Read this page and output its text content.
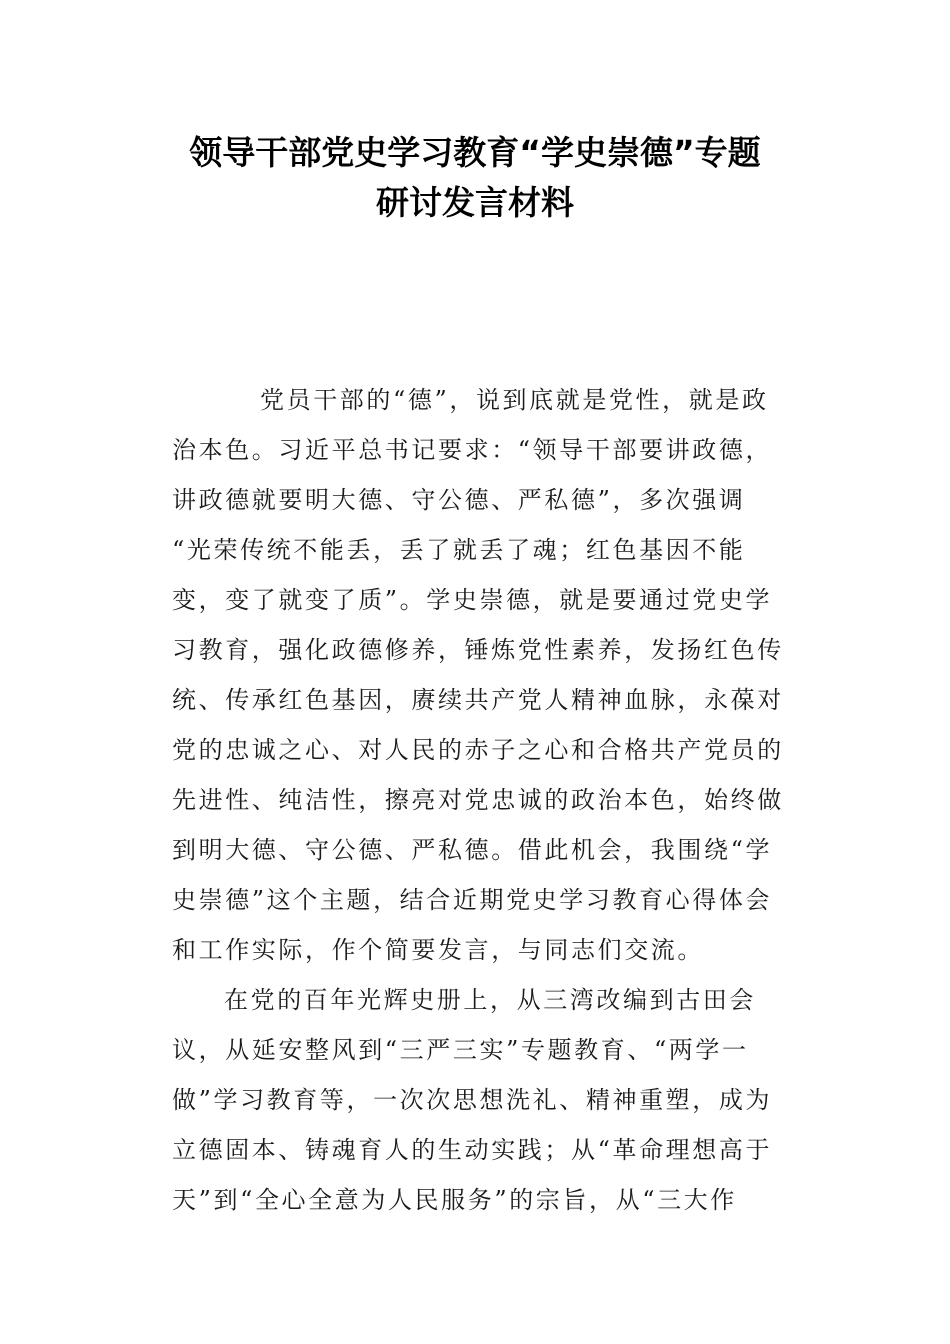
领导干部党史学习教育“学史崇德”专题
研讨发言材料
党员干部的“德”，说到底就是党性，就是政
治本色。习近平总书记要求：“领导干部要讲政德，
讲政德就要明大德、守公德、严私德”，多次强调
“光荣传统不能丢，丢了就丢了魂；红色基因不能
变，变了就变了质”。学史崇德，就是要通过党史学
习教育，强化政德修养，锤炼党性素养，发扬红色传
统、传承红色基因，赓续共产党人精神血脉，永葆对
党的忠诚之心、对人民的赤子之心和合格共产党员的
先进性、纯洁性，擦亮对党忠诚的政治本色，始终做
到明大德、守公德、严私德。借此机会，我围绕“学
史崇德”这个主题，结合近期党史学习教育心得体会
和工作实际，作个简要发言，与同志们交流。
在党的百年光辉史册上，从三湾改编到古田会
议，从延安整风到“三严三实”专题教育、“两学一
做”学习教育等，一次次思想洗礼、精神重塑，成为
立德固本、铸魂育人的生动实践；从“革命理想高于
天”到“全心全意为人民服务”的宗旨，从“三大作
